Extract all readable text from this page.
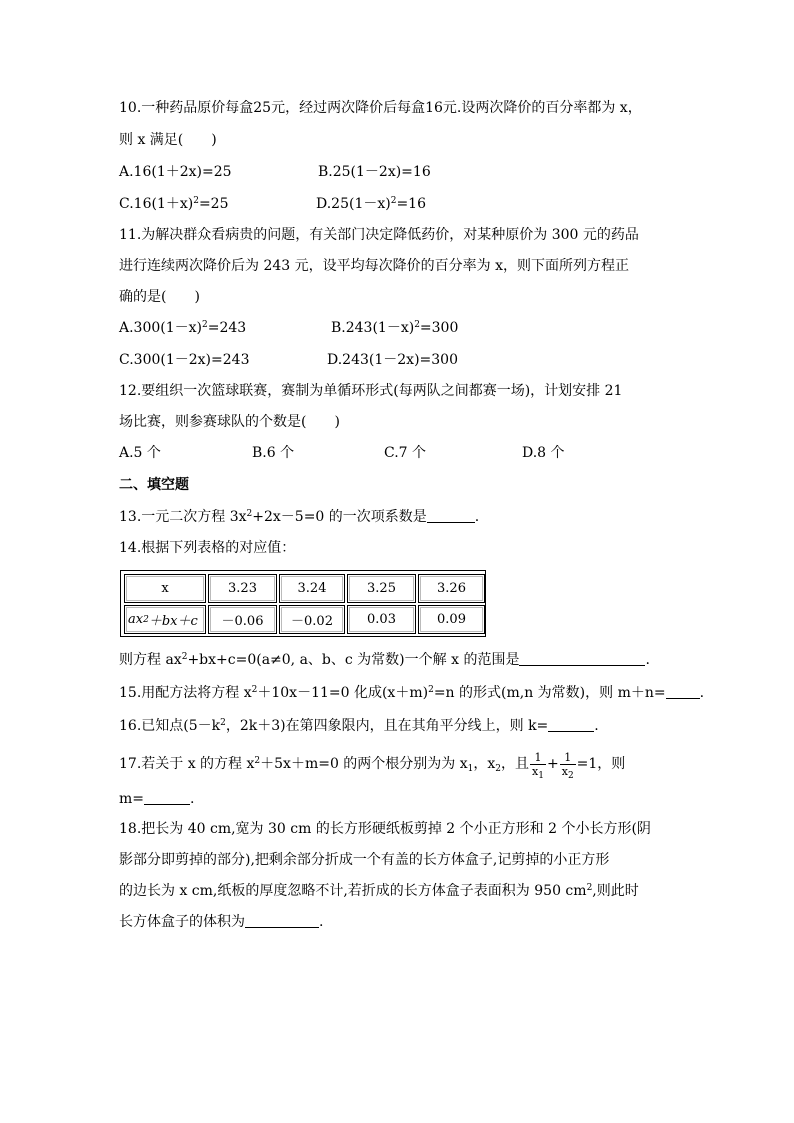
10.一种药品原价每盒25元，经过两次降价后每盒16元.设两次降价的百分率都为 x，
则 x 满足(　　)
A.16(1＋2x)=25	B.25(1－2x)=16
$C.16(1+x)^2=25$	$D.25(1-x)^2=16$
11.为解决群众看病贵的问题，有关部门决定降低药价，对某种原价为 300 元的药品
进行连续两次降价后为 243 元，设平均每次降价的百分率为 x，则下面所列方程正
确的是(　　)
$A.300(1-x)^2=243$	$B.243(1-x)^2=300$
C.300(1－2x)=243	D.243(1－2x)=300
12.要组织一次篮球联赛，赛制为单循环形式(每两队之间都赛一场)，计划安排 21
场比赛，则参赛球队的个数是(　　)
A.5 个	B.6 个	C.7 个	D.8 个
二、填空题
13.一元二次方程 $3x^2+2x-5=0$ 的一次项系数是	.
14.根据下列表格的对应值：
x	3.23	3.24	3.25	3.26
ax 2 ＋bx＋c	－0.06	－0.02	0.03	0.09
则方程 $ax^2+bx+c=0(a\ne 0$, a、b、c 为常数)一个解 x 的范围是	.
15.用配方法将方程 $x^2+10x-11=0$ 化成$(x+m)^2=n$ 的形式(m,n 为常数)，则 m＋n= .
16.已知点($5-k^2$，2k＋3)在第四象限内，且在其角平分线上，则 k=	.
17.若关于 x 的方程 $x^2+5x+m=0$ 的两个根分别为为 $x_1$，$x_2$，且 $\frac{1}{x_1} + \frac{1}{x_2} =1$，则
m=	.
18.把长为 40 cm,宽为 30 cm 的长方形硬纸板剪掉 2 个小正方形和 2 个小长方形(阴
影部分即剪掉的部分),把剩余部分折成一个有盖的长方体盒子,记剪掉的小正方形
的边长为 x cm,纸板的厚度忽略不计,若折成的长方体盒子表面积为 950 $cm^2$,则此时
长方体盒子的体积为	.
